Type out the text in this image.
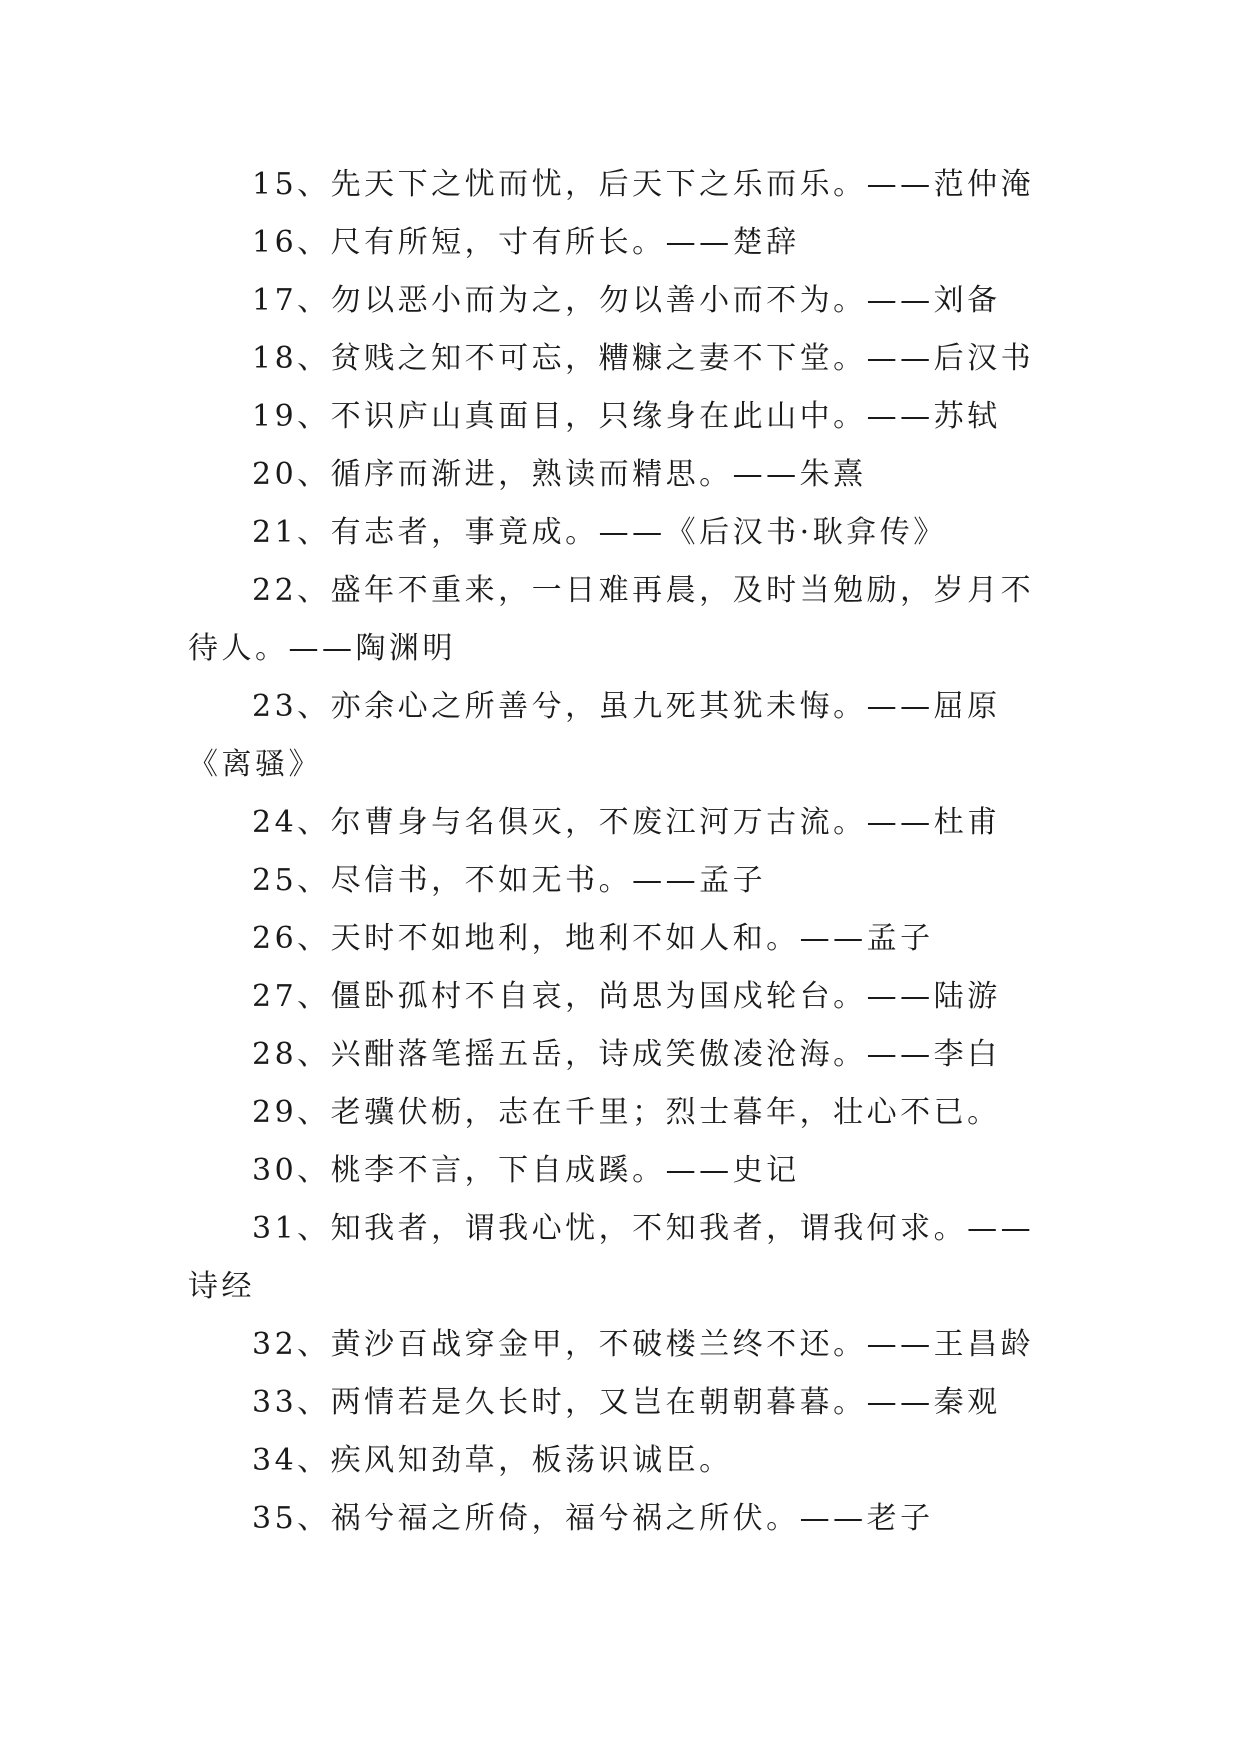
15、先天下之忧而忧，后天下之乐而乐。——范仲淹

16、尺有所短，寸有所长。——楚辞

17、勿以恶小而为之，勿以善小而不为。——刘备

18、贫贱之知不可忘，糟糠之妻不下堂。——后汉书

19、不识庐山真面目，只缘身在此山中。——苏轼

20、循序而渐进，熟读而精思。——朱熹

21、有志者，事竟成。——《后汉书·耿弇传》

22、盛年不重来，一日难再晨，及时当勉励，岁月不待人。——陶渊明

23、亦余心之所善兮，虽九死其犹未悔。——屈原《离骚》

24、尔曹身与名俱灭，不废江河万古流。——杜甫

25、尽信书，不如无书。——孟子

26、天时不如地利，地利不如人和。——孟子

27、僵卧孤村不自哀，尚思为国戍轮台。——陆游

28、兴酣落笔摇五岳，诗成笑傲凌沧海。——李白

29、老骥伏枥，志在千里；烈士暮年，壮心不已。

30、桃李不言，下自成蹊。——史记

31、知我者，谓我心忧，不知我者，谓我何求。——诗经

32、黄沙百战穿金甲，不破楼兰终不还。——王昌龄

33、两情若是久长时，又岂在朝朝暮暮。——秦观

34、疾风知劲草，板荡识诚臣。

35、祸兮福之所倚，福兮祸之所伏。——老子
